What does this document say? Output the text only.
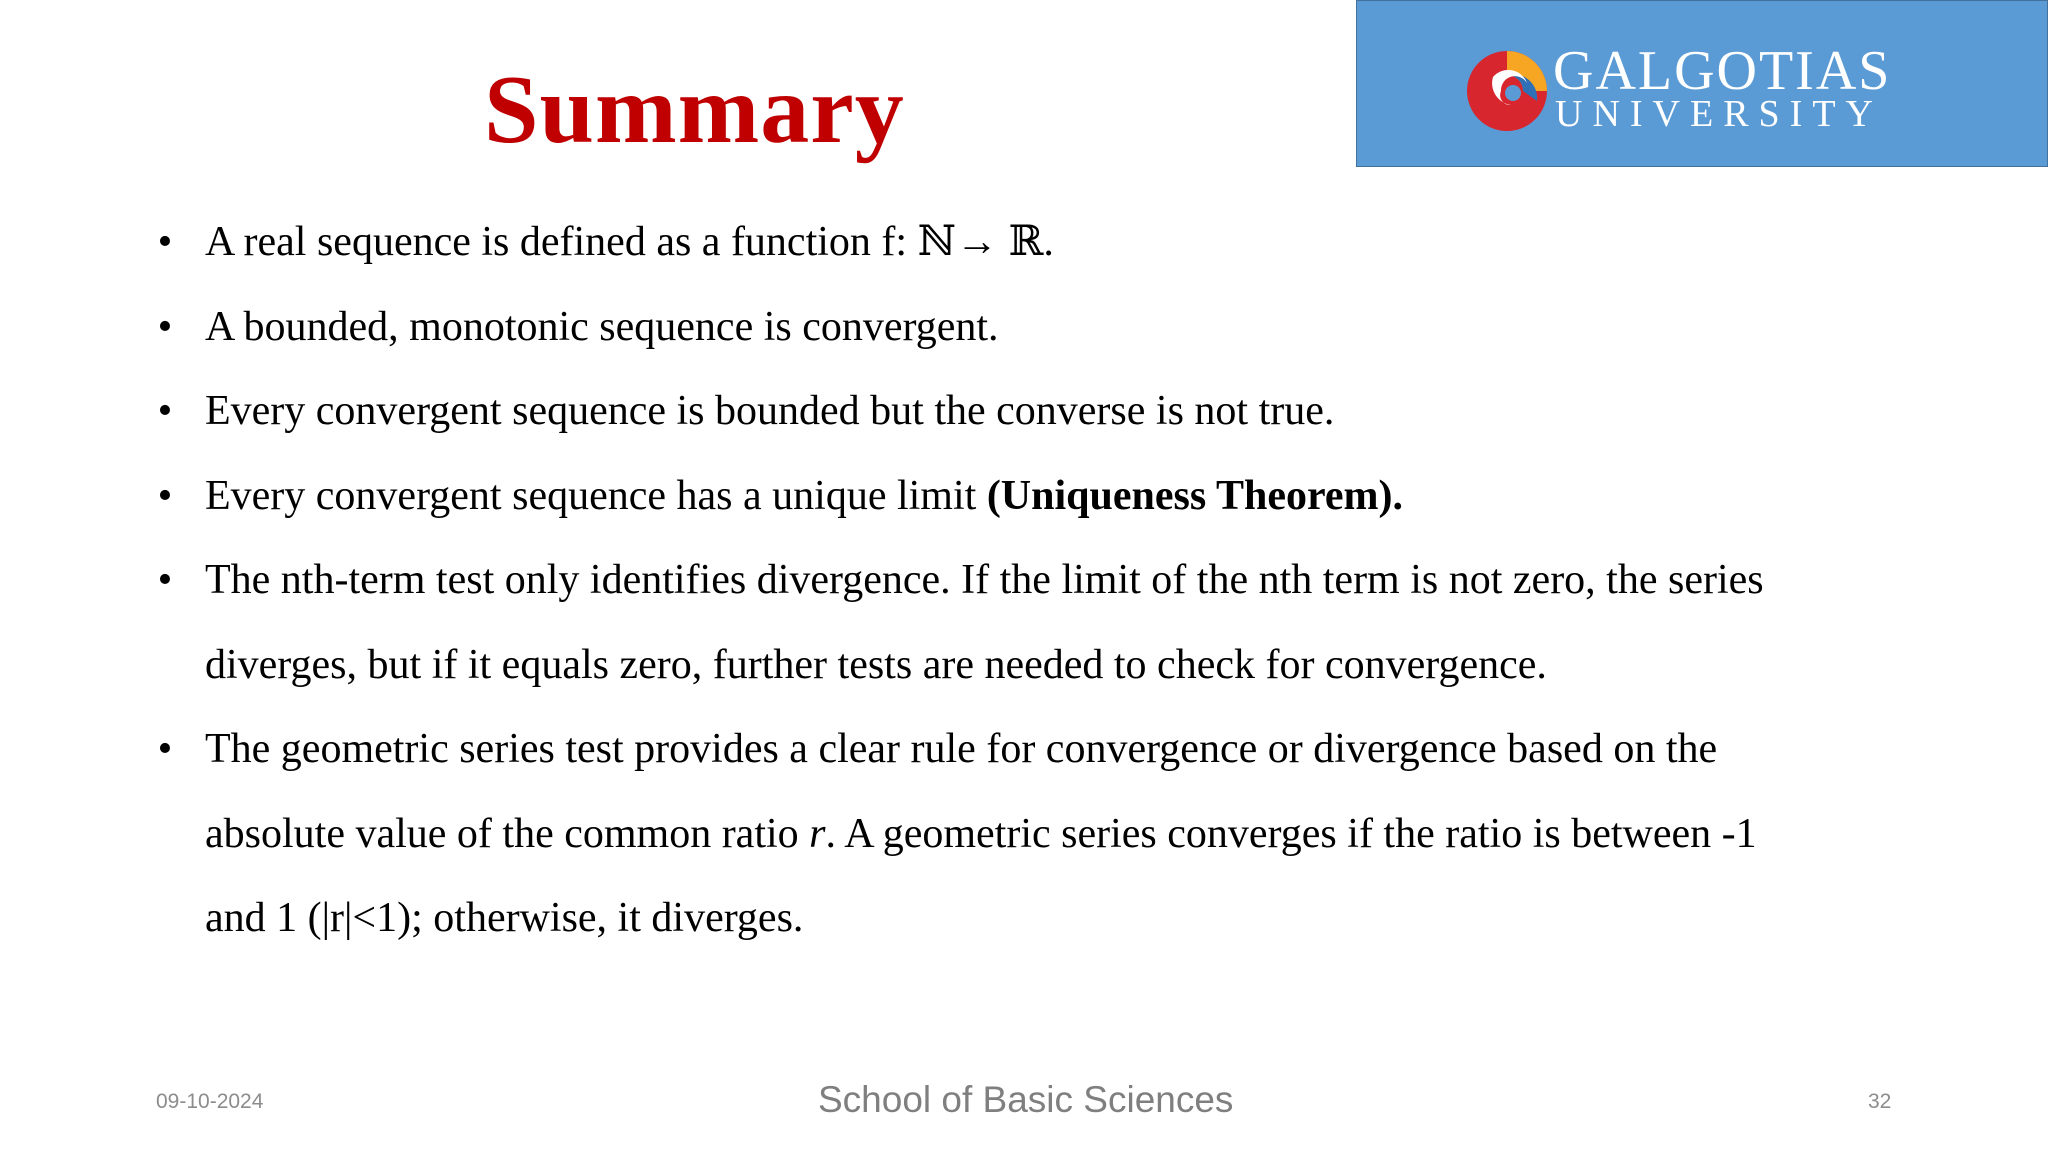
Summary	GALGOTIAS
UNIVERSITY
• A real sequence is defined as a function f: ℕ→ ℝ.
• A bounded, monotonic sequence is convergent.
• Every convergent sequence is bounded but the converse is not true.
• Every convergent sequence has a unique limit (Uniqueness Theorem).
• The nth-term test only identifies divergence. If the limit of the nth term is not zero, the series diverges, but if it equals zero, further tests are needed to check for convergence.
• The geometric series test provides a clear rule for convergence or divergence based on the absolute value of the common ratio r. A geometric series converges if the ratio is between -1 and 1 (|r|<1); otherwise, it diverges.
09-10-2024	School of Basic Sciences	32
